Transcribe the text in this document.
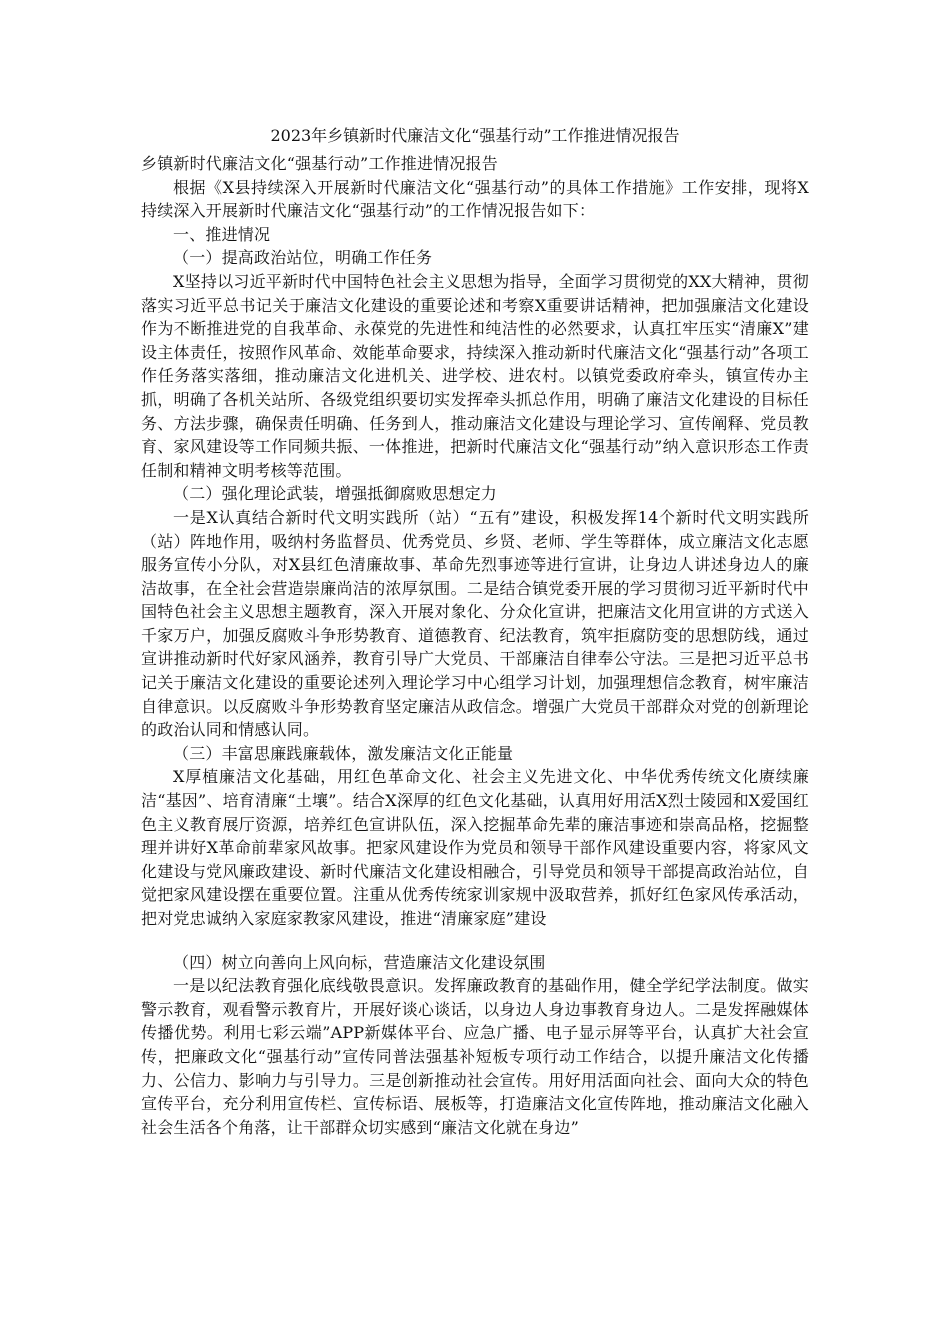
2023年乡镇新时代廉洁文化“强基行动”工作推进情况报告

乡镇新时代廉洁文化“强基行动”工作推进情况报告

根据《X县持续深入开展新时代廉洁文化“强基行动”的具体工作措施》工作安排，现将X持续深入开展新时代廉洁文化“强基行动”的工作情况报告如下：

一、推进情况

（一）提高政治站位，明确工作任务

X坚持以习近平新时代中国特色社会主义思想为指导，全面学习贯彻党的XX大精神，贯彻落实习近平总书记关于廉洁文化建设的重要论述和考察X重要讲话精神，把加强廉洁文化建设作为不断推进党的自我革命、永葆党的先进性和纯洁性的必然要求，认真扛牢压实“清廉X”建设主体责任，按照作风革命、效能革命要求，持续深入推动新时代廉洁文化“强基行动”各项工作任务落实落细，推动廉洁文化进机关、进学校、进农村。以镇党委政府牵头，镇宣传办主抓，明确了各机关站所、各级党组织要切实发挥牵头抓总作用，明确了廉洁文化建设的目标任务、方法步骤，确保责任明确、任务到人，推动廉洁文化建设与理论学习、宣传阐释、党员教育、家风建设等工作同频共振、一体推进，把新时代廉洁文化“强基行动”纳入意识形态工作责任制和精神文明考核等范围。

（二）强化理论武装，增强抵御腐败思想定力

一是X认真结合新时代文明实践所（站）“五有”建设，积极发挥14个新时代文明实践所（站）阵地作用，吸纳村务监督员、优秀党员、乡贤、老师、学生等群体，成立廉洁文化志愿服务宣传小分队，对X县红色清廉故事、革命先烈事迹等进行宣讲，让身边人讲述身边人的廉洁故事，在全社会营造崇廉尚洁的浓厚氛围。二是结合镇党委开展的学习贯彻习近平新时代中国特色社会主义思想主题教育，深入开展对象化、分众化宣讲，把廉洁文化用宣讲的方式送入千家万户，加强反腐败斗争形势教育、道德教育、纪法教育，筑牢拒腐防变的思想防线，通过宣讲推动新时代好家风涵养，教育引导广大党员、干部廉洁自律奉公守法。三是把习近平总书记关于廉洁文化建设的重要论述列入理论学习中心组学习计划，加强理想信念教育，树牢廉洁自律意识。以反腐败斗争形势教育坚定廉洁从政信念。增强广大党员干部群众对党的创新理论的政治认同和情感认同。

（三）丰富思廉践廉载体，激发廉洁文化正能量

X厚植廉洁文化基础，用红色革命文化、社会主义先进文化、中华优秀传统文化赓续廉洁“基因”、培育清廉“土壤”。结合X深厚的红色文化基础，认真用好用活X烈士陵园和X爱国红色主义教育展厅资源，培养红色宣讲队伍，深入挖掘革命先辈的廉洁事迹和崇高品格，挖掘整理并讲好X革命前辈家风故事。把家风建设作为党员和领导干部作风建设重要内容，将家风文化建设与党风廉政建设、新时代廉洁文化建设相融合，引导党员和领导干部提高政治站位，自觉把家风建设摆在重要位置。注重从优秀传统家训家规中汲取营养，抓好红色家风传承活动，把对党忠诚纳入家庭家教家风建设，推进“清廉家庭”建设

（四）树立向善向上风向标，营造廉洁文化建设氛围

一是以纪法教育强化底线敬畏意识。发挥廉政教育的基础作用，健全学纪学法制度。做实警示教育，观看警示教育片，开展好谈心谈话，以身边人身边事教育身边人。二是发挥融媒体传播优势。利用七彩云端”APP新媒体平台、应急广播、电子显示屏等平台，认真扩大社会宣传，把廉政文化“强基行动”宣传同普法强基补短板专项行动工作结合，以提升廉洁文化传播力、公信力、影响力与引导力。三是创新推动社会宣传。用好用活面向社会、面向大众的特色宣传平台，充分利用宣传栏、宣传标语、展板等，打造廉洁文化宣传阵地，推动廉洁文化融入社会生活各个角落，让干部群众切实感到“廉洁文化就在身边”
